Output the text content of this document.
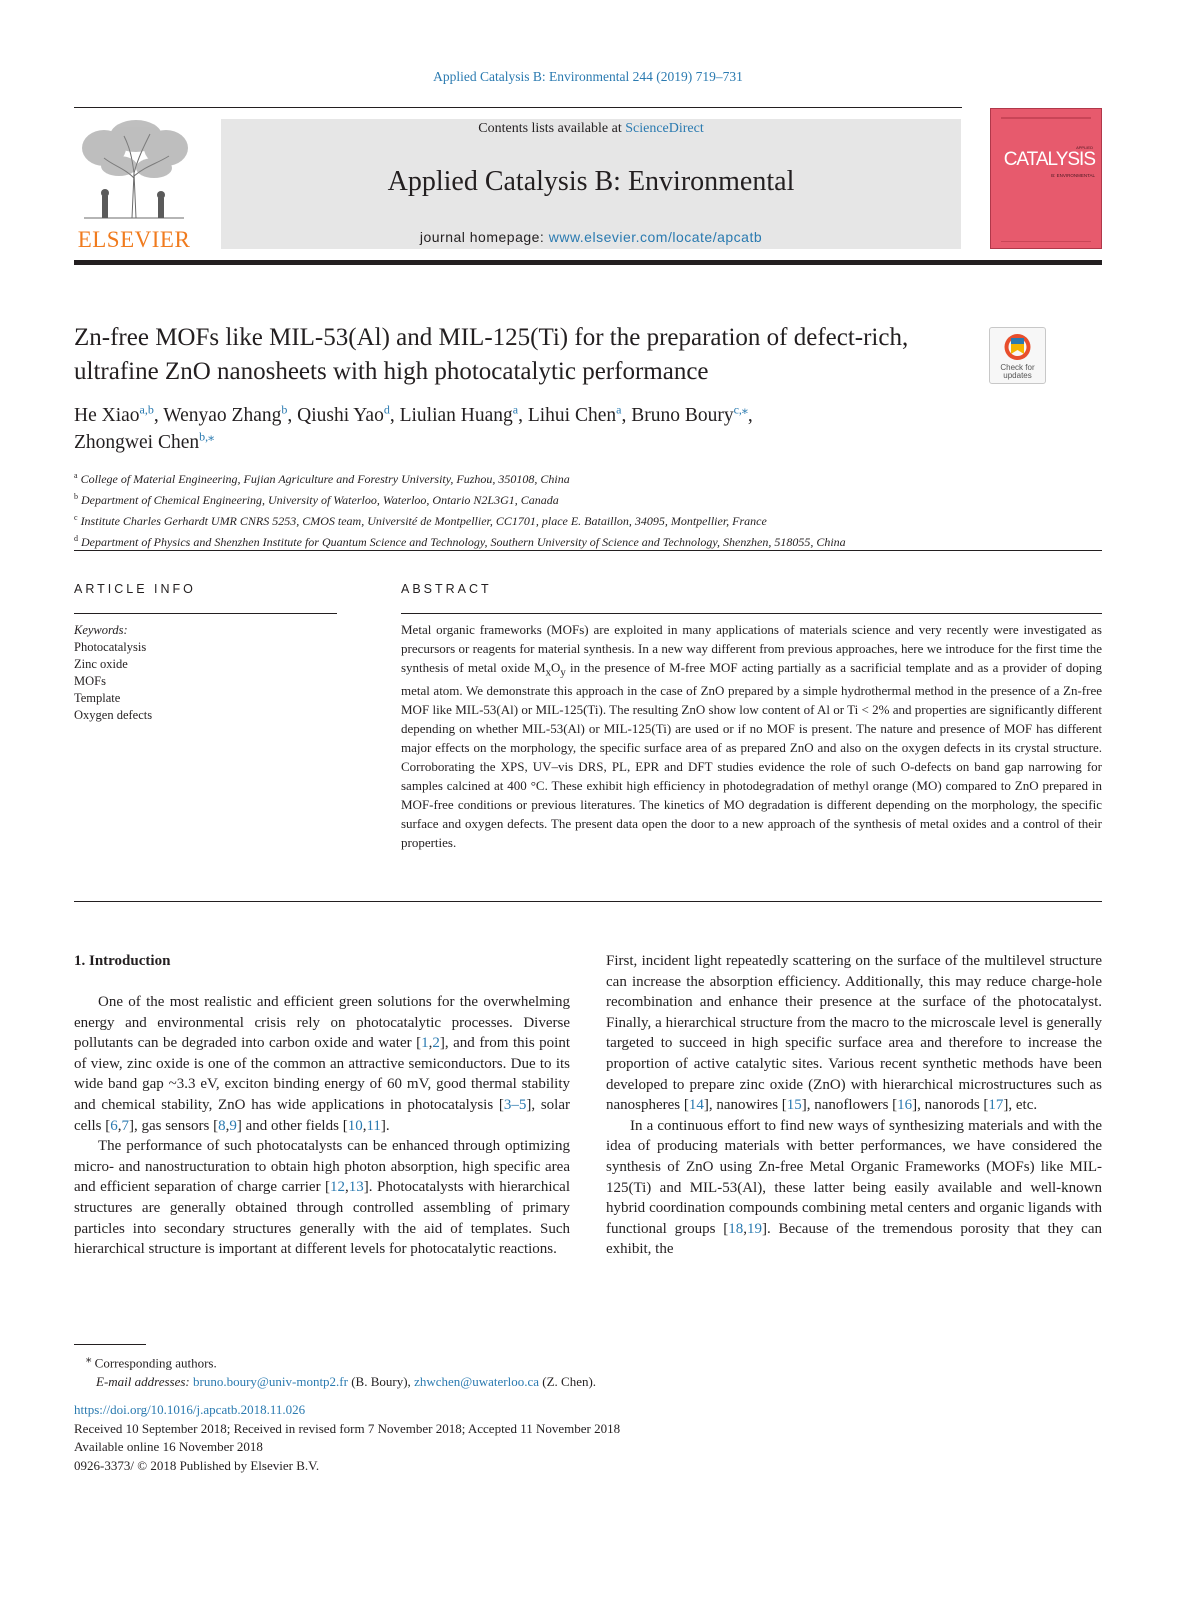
Applied Catalysis B: Environmental 244 (2019) 719–731
ELSEVIER
Contents lists available at ScienceDirect
Applied Catalysis B: Environmental
journal homepage: www.elsevier.com/locate/apcatb
APPLIED
CATALYSIS
B: ENVIRONMENTAL
Zn-free MOFs like MIL-53(Al) and MIL-125(Ti) for the preparation of defect-rich, ultrafine ZnO nanosheets with high photocatalytic performance	Check for updates
He Xiao$^{a,b}$, Wenyao Zhang$^b$, Qiushi Yao$^d$, Liulian Huang$^a$, Lihui Chen$^a$, Bruno Boury$^{c,⁎}$,
Zhongwei Chen$^{b,⁎}$
$^a$ College of Material Engineering, Fujian Agriculture and Forestry University, Fuzhou, 350108, China
$^b$ Department of Chemical Engineering, University of Waterloo, Waterloo, Ontario N2L3G1, Canada
$^c$ Institute Charles Gerhardt UMR CNRS 5253, CMOS team, Université de Montpellier, CC1701, place E. Bataillon, 34095, Montpellier, France
$^d$ Department of Physics and Shenzhen Institute for Quantum Science and Technology, Southern University of Science and Technology, Shenzhen, 518055, China
ARTICLE INFO
Keywords:
Photocatalysis
Zinc oxide
MOFs
Template
Oxygen defects
ABSTRACT

Metal organic frameworks (MOFs) are exploited in many applications of materials science and very recently were investigated as precursors or reagents for material synthesis. In a new way different from previous approaches, here we introduce for the first time the synthesis of metal oxide $M_xO_y$ in the presence of M-free MOF acting partially as a sacrificial template and as a provider of doping metal atom. We demonstrate this approach in the case of ZnO prepared by a simple hydrothermal method in the presence of a Zn-free MOF like MIL-53(Al) or MIL-125(Ti). The resulting ZnO show low content of Al or Ti < 2% and properties are significantly different depending on whether MIL-53(Al) or MIL-125(Ti) are used or if no MOF is present. The nature and presence of MOF has different major effects on the morphology, the specific surface area of as prepared ZnO and also on the oxygen defects in its crystal structure. Corroborating the XPS, UV–vis DRS, PL, EPR and DFT studies evidence the role of such O-defects on band gap narrowing for samples calcined at 400 °C. These exhibit high efficiency in photodegradation of methyl orange (MO) compared to ZnO prepared in MOF-free conditions or previous literatures. The kinetics of MO degradation is different depending on the morphology, the specific surface and oxygen defects. The present data open the door to a new approach of the synthesis of metal oxides and a control of their properties.

1. Introduction

One of the most realistic and efficient green solutions for the overwhelming energy and environmental crisis rely on photocatalytic processes. Diverse pollutants can be degraded into carbon oxide and water [1,2], and from this point of view, zinc oxide is one of the common an attractive semiconductors. Due to its wide band gap ~3.3 eV, exciton binding energy of 60 mV, good thermal stability and chemical stability, ZnO has wide applications in photocatalysis [3–5], solar cells [6,7], gas sensors [8,9] and other fields [10,11].

The performance of such photocatalysts can be enhanced through optimizing micro- and nanostructuration to obtain high photon absorption, high specific area and efficient separation of charge carrier [12,13]. Photocatalysts with hierarchical structures are generally obtained through controlled assembling of primary particles into secondary structures generally with the aid of templates. Such hierarchical structure is important at different levels for photocatalytic reactions.

First, incident light repeatedly scattering on the surface of the multilevel structure can increase the absorption efficiency. Additionally, this may reduce charge-hole recombination and enhance their presence at the surface of the photocatalyst. Finally, a hierarchical structure from the macro to the microscale level is generally targeted to succeed in high specific surface area and therefore to increase the proportion of active catalytic sites. Various recent synthetic methods have been developed to prepare zinc oxide (ZnO) with hierarchical microstructures such as nanospheres [14], nanowires [15], nanoflowers [16], nanorods [17], etc.

In a continuous effort to find new ways of synthesizing materials and with the idea of producing materials with better performances, we have considered the synthesis of ZnO using Zn-free Metal Organic Frameworks (MOFs) like MIL-125(Ti) and MIL-53(Al), these latter being easily available and well-known hybrid coordination compounds combining metal centers and organic ligands with functional groups [18,19]. Because of the tremendous porosity that they can exhibit, the

⁎ Corresponding authors.
E-mail addresses: bruno.boury@univ-montp2.fr (B. Boury), zhwchen@uwaterloo.ca (Z. Chen).
https://doi.org/10.1016/j.apcatb.2018.11.026
Received 10 September 2018; Received in revised form 7 November 2018; Accepted 11 November 2018
Available online 16 November 2018
0926-3373/ © 2018 Published by Elsevier B.V.
